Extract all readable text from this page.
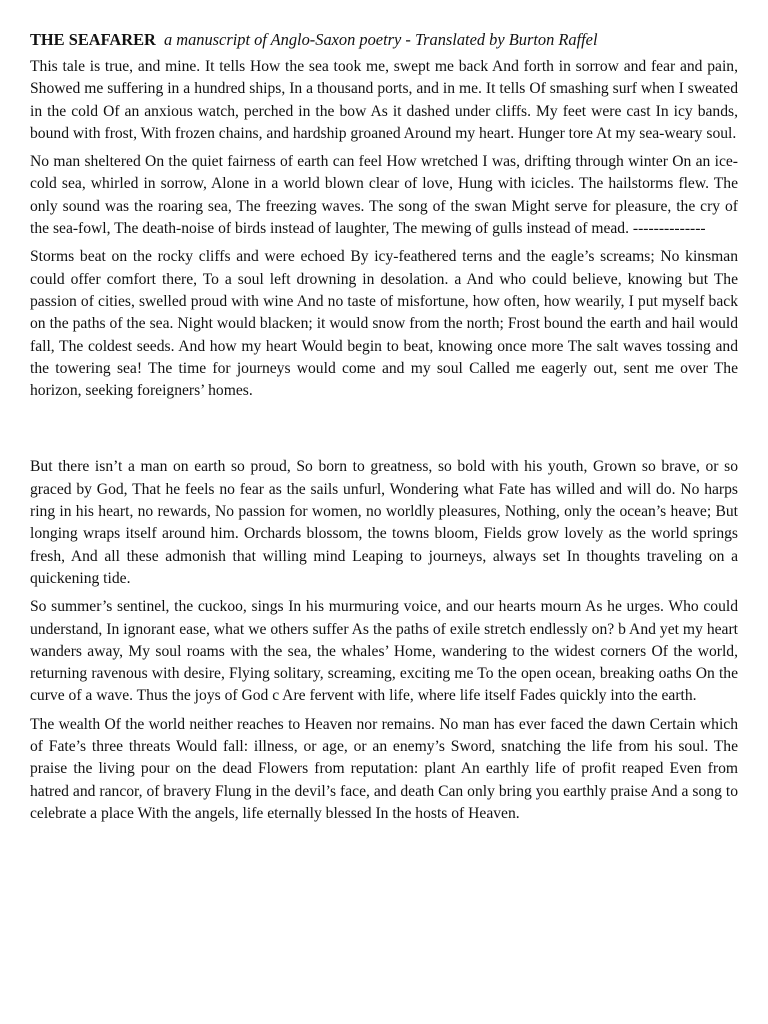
THE SEAFARER a manuscript of Anglo-Saxon poetry - Translated by Burton Raffel

This tale is true, and mine. It tells How the sea took me, swept me back And forth in sorrow and fear and pain, Showed me suffering in a hundred ships, In a thousand ports, and in me. It tells Of smashing surf when I sweated in the cold Of an anxious watch, perched in the bow As it dashed under cliffs. My feet were cast In icy bands, bound with frost, With frozen chains, and hardship groaned Around my heart. Hunger tore At my sea-weary soul.

No man sheltered On the quiet fairness of earth can feel How wretched I was, drifting through winter On an ice-cold sea, whirled in sorrow, Alone in a world blown clear of love, Hung with icicles. The hailstorms flew. The only sound was the roaring sea, The freezing waves. The song of the swan Might serve for pleasure, the cry of the sea-fowl, The death-noise of birds instead of laughter, The mewing of gulls instead of mead. --------------

Storms beat on the rocky cliffs and were echoed By icy-feathered terns and the eagle’s screams; No kinsman could offer comfort there, To a soul left drowning in desolation. a And who could believe, knowing but The passion of cities, swelled proud with wine And no taste of misfortune, how often, how wearily, I put myself back on the paths of the sea. Night would blacken; it would snow from the north; Frost bound the earth and hail would fall, The coldest seeds. And how my heart Would begin to beat, knowing once more The salt waves tossing and the towering sea! The time for journeys would come and my soul Called me eagerly out, sent me over The horizon, seeking foreigners’ homes.

But there isn’t a man on earth so proud, So born to greatness, so bold with his youth, Grown so brave, or so graced by God, That he feels no fear as the sails unfurl, Wondering what Fate has willed and will do. No harps ring in his heart, no rewards, No passion for women, no worldly pleasures, Nothing, only the ocean’s heave; But longing wraps itself around him. Orchards blossom, the towns bloom, Fields grow lovely as the world springs fresh, And all these admonish that willing mind Leaping to journeys, always set In thoughts traveling on a quickening tide.

So summer’s sentinel, the cuckoo, sings In his murmuring voice, and our hearts mourn As he urges. Who could understand, In ignorant ease, what we others suffer As the paths of exile stretch endlessly on? b And yet my heart wanders away, My soul roams with the sea, the whales’ Home, wandering to the widest corners Of the world, returning ravenous with desire, Flying solitary, screaming, exciting me To the open ocean, breaking oaths On the curve of a wave. Thus the joys of God c Are fervent with life, where life itself Fades quickly into the earth.

The wealth Of the world neither reaches to Heaven nor remains. No man has ever faced the dawn Certain which of Fate’s three threats Would fall: illness, or age, or an enemy’s Sword, snatching the life from his soul. The praise the living pour on the dead Flowers from reputation: plant An earthly life of profit reaped Even from hatred and rancor, of bravery Flung in the devil’s face, and death Can only bring you earthly praise And a song to celebrate a place With the angels, life eternally blessed In the hosts of Heaven.
